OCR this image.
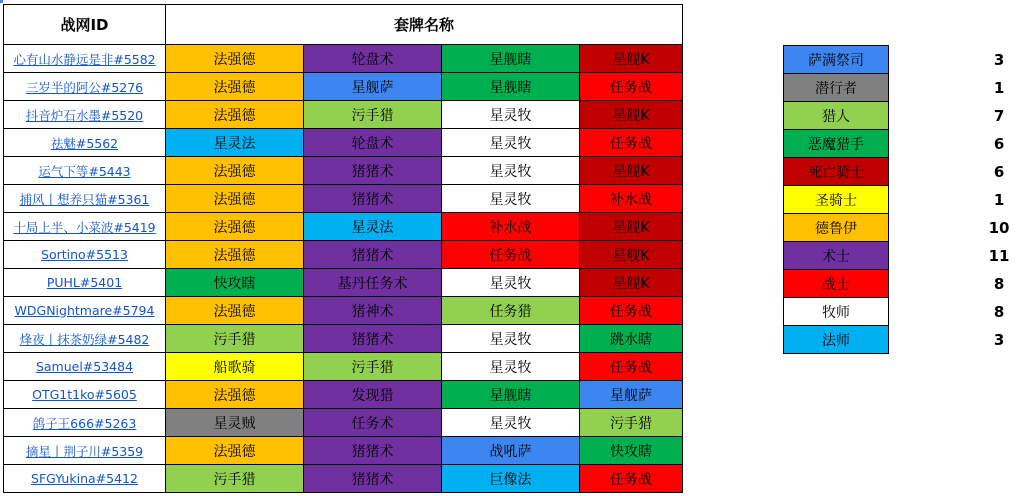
战网ID	套牌名称			
心有山水静远是非#5582	法强德	轮盘术	星舰瞎	星舰K
三岁半的阿公#5276	法强德	星舰萨	星舰瞎	任务战
抖音炉石水墨#5520	法强德	污手猎	星灵牧	星舰K
祛魅#5562	星灵法	轮盘术	星灵牧	任务战
运气下等#5443	法强德	猪猪术	星灵牧	星舰K
捕风丨想养只猫#5361	法强德	猪猪术	星灵牧	补水战
十局上半、小菜波#5419	法强德	星灵法	补水战	星舰K
Sortino#5513	法强德	猪猪术	任务战	星舰K
PUHL#5401	快攻瞎	基丹任务术	星灵牧	星舰K
WDGNightmare#5794	法强德	猪神术	任务猎	任务战
烽夜丨抹茶奶绿#5482	污手猎	猪猪术	星灵牧	跳水瞎
Samuel#53484	船歌骑	污手猎	星灵牧	任务战
OTG1t1ko#5605	法强德	发现猎	星舰瞎	星舰萨
鸽子王666#5263	星灵贼	任务术	星灵牧	污手猎
摘星丨荆子川#5359	法强德	猪猪术	战吼萨	快攻瞎
SFGYukina#5412	污手猎	猪猪术	巨像法	任务战
萨满祭司		3
潜行者		1
猎人		7
恶魔猎手		6
死亡骑士		6
圣骑士		1
德鲁伊		10
术士		11
战士		8
牧师		8
法师		3
